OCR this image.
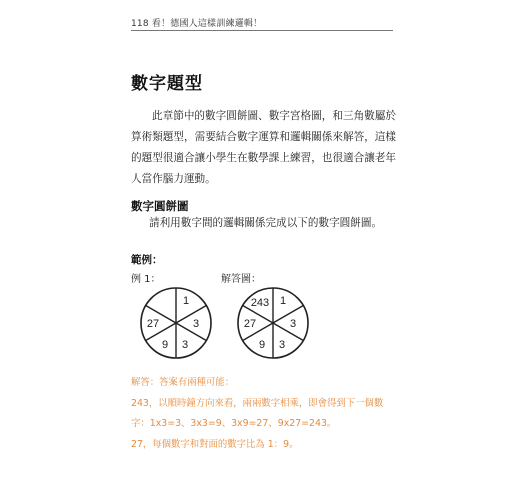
118 看！德國人這樣訓練邏輯！
數字題型
此章節中的數字圓餅圖、數字宮格圖，和三角數屬於算術類題型，需要結合數字運算和邏輯關係來解答，這樣的題型很適合讓小學生在數學課上練習，也很適合讓老年人當作腦力運動。
數字圓餅圖
請利用數字間的邏輯關係完成以下的數字圓餅圖。
範例：
例 1：	解答圖：
1
3
3
9
27
243 1
3
3
9
27
解答：答案有兩種可能：
243，以順時鐘方向來看，兩兩數字相乘，即會得到下一個數
字：1x3=3、3x3=9、3x9=27、9x27=243。
27，每個數字和對面的數字比為 1：9。
